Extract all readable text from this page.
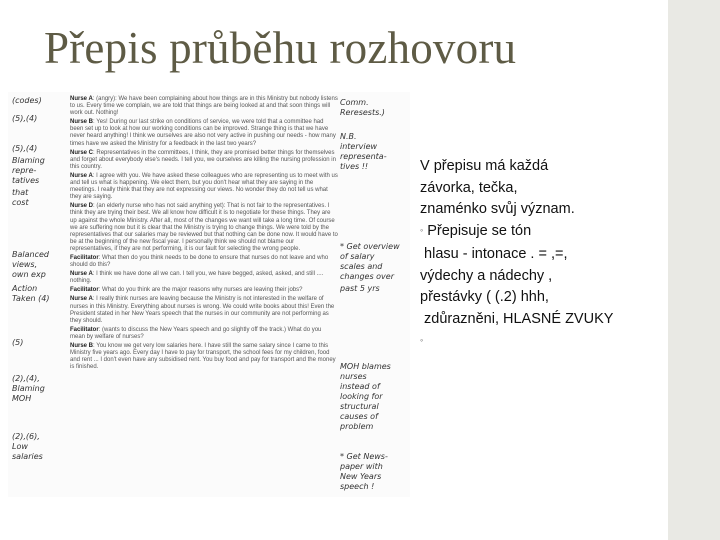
Přepis průběhu rozhovoru
(codes)
(5),(4)
(5),(4)
Blaming
repre-
tatives
that
cost
Balanced
views,
own exp
Action
Taken (4)
(5)
(2),(4),
Blaming
MOH
(2),(6),
Low
salaries

Nurse A: (angry): We have been complaining about how things are in this Ministry but nobody listens to us. Every time we complain, we are told that things are being looked at and that soon things will work out. Nothing!

Nurse B: Yes! During our last strike on conditions of service, we were told that a committee had been set up to look at how our working conditions can be improved. Strange thing is that we have never heard anything! I think we ourselves are also not very active in pushing our needs - how many times have we asked the Ministry for a feedback in the last two years?

Nurse C: Representatives in the committees, I think, they are promised better things for themselves and forget about everybody else's needs. I tell you, we ourselves are killing the nursing profession in this country.

Nurse A: I agree with you. We have asked these colleagues who are representing us to meet with us and tell us what is happening. We elect them, but you don't hear what they are saying in the meetings. I really think that they are not expressing our views. No wonder they do not tell us what they are saying.

Nurse D: (an elderly nurse who has not said anything yet): That is not fair to the representatives. I think they are trying their best. We all know how difficult it is to negotiate for these things. They are up against the whole Ministry. After all, most of the changes we want will take a long time. Of course we are suffering now but it is clear that the Ministry is trying to change things. We were told by the representatives that our salaries may be reviewed but that nothing can be done now. It would have to be at the beginning of the new fiscal year. I personally think we should not blame our representatives, if they are not performing, it is our fault for selecting the wrong people.

Facilitator: What then do you think needs to be done to ensure that nurses do not leave and who should do this?

Nurse A: I think we have done all we can. I tell you, we have begged, asked, asked, and still .... nothing.

Facilitator: What do you think are the major reasons why nurses are leaving their jobs?

Nurse A: I really think nurses are leaving because the Ministry is not interested in the welfare of nurses in this Ministry. Everything about nurses is wrong. We could write books about this! Even the President stated in her New Years speech that the nurses in our community are not performing as they should.

Facilitator: (wants to discuss the New Years speech and go slightly off the track.) What do you mean by welfare of nurses?

Nurse B: You know we get very low salaries here. I have still the same salary since I came to this Ministry five years ago. Every day I have to pay for transport, the school fees for my children, food and rent ... I don't even have any subsidised rent. You buy food and pay for transport and the money is finished.

Comm.
Reresests.)
N.B.
interview
representa-
tives !!
* Get overview
of salary
scales and
changes over
past 5 yrs
MOH blames
nurses
instead of
looking for
structural
causes of
problem
* Get News-
paper with
New Years
speech !
V přepisu má každá
závorka, tečka,
znaménko svůj význam.
◦ Přepisuje se tón
hlasu - intonace . = ,=,
výdechy a nádechy ,
přestávky ( (.2) hhh,
zdůrazněni, HLASNÉ ZVUKY
◦
